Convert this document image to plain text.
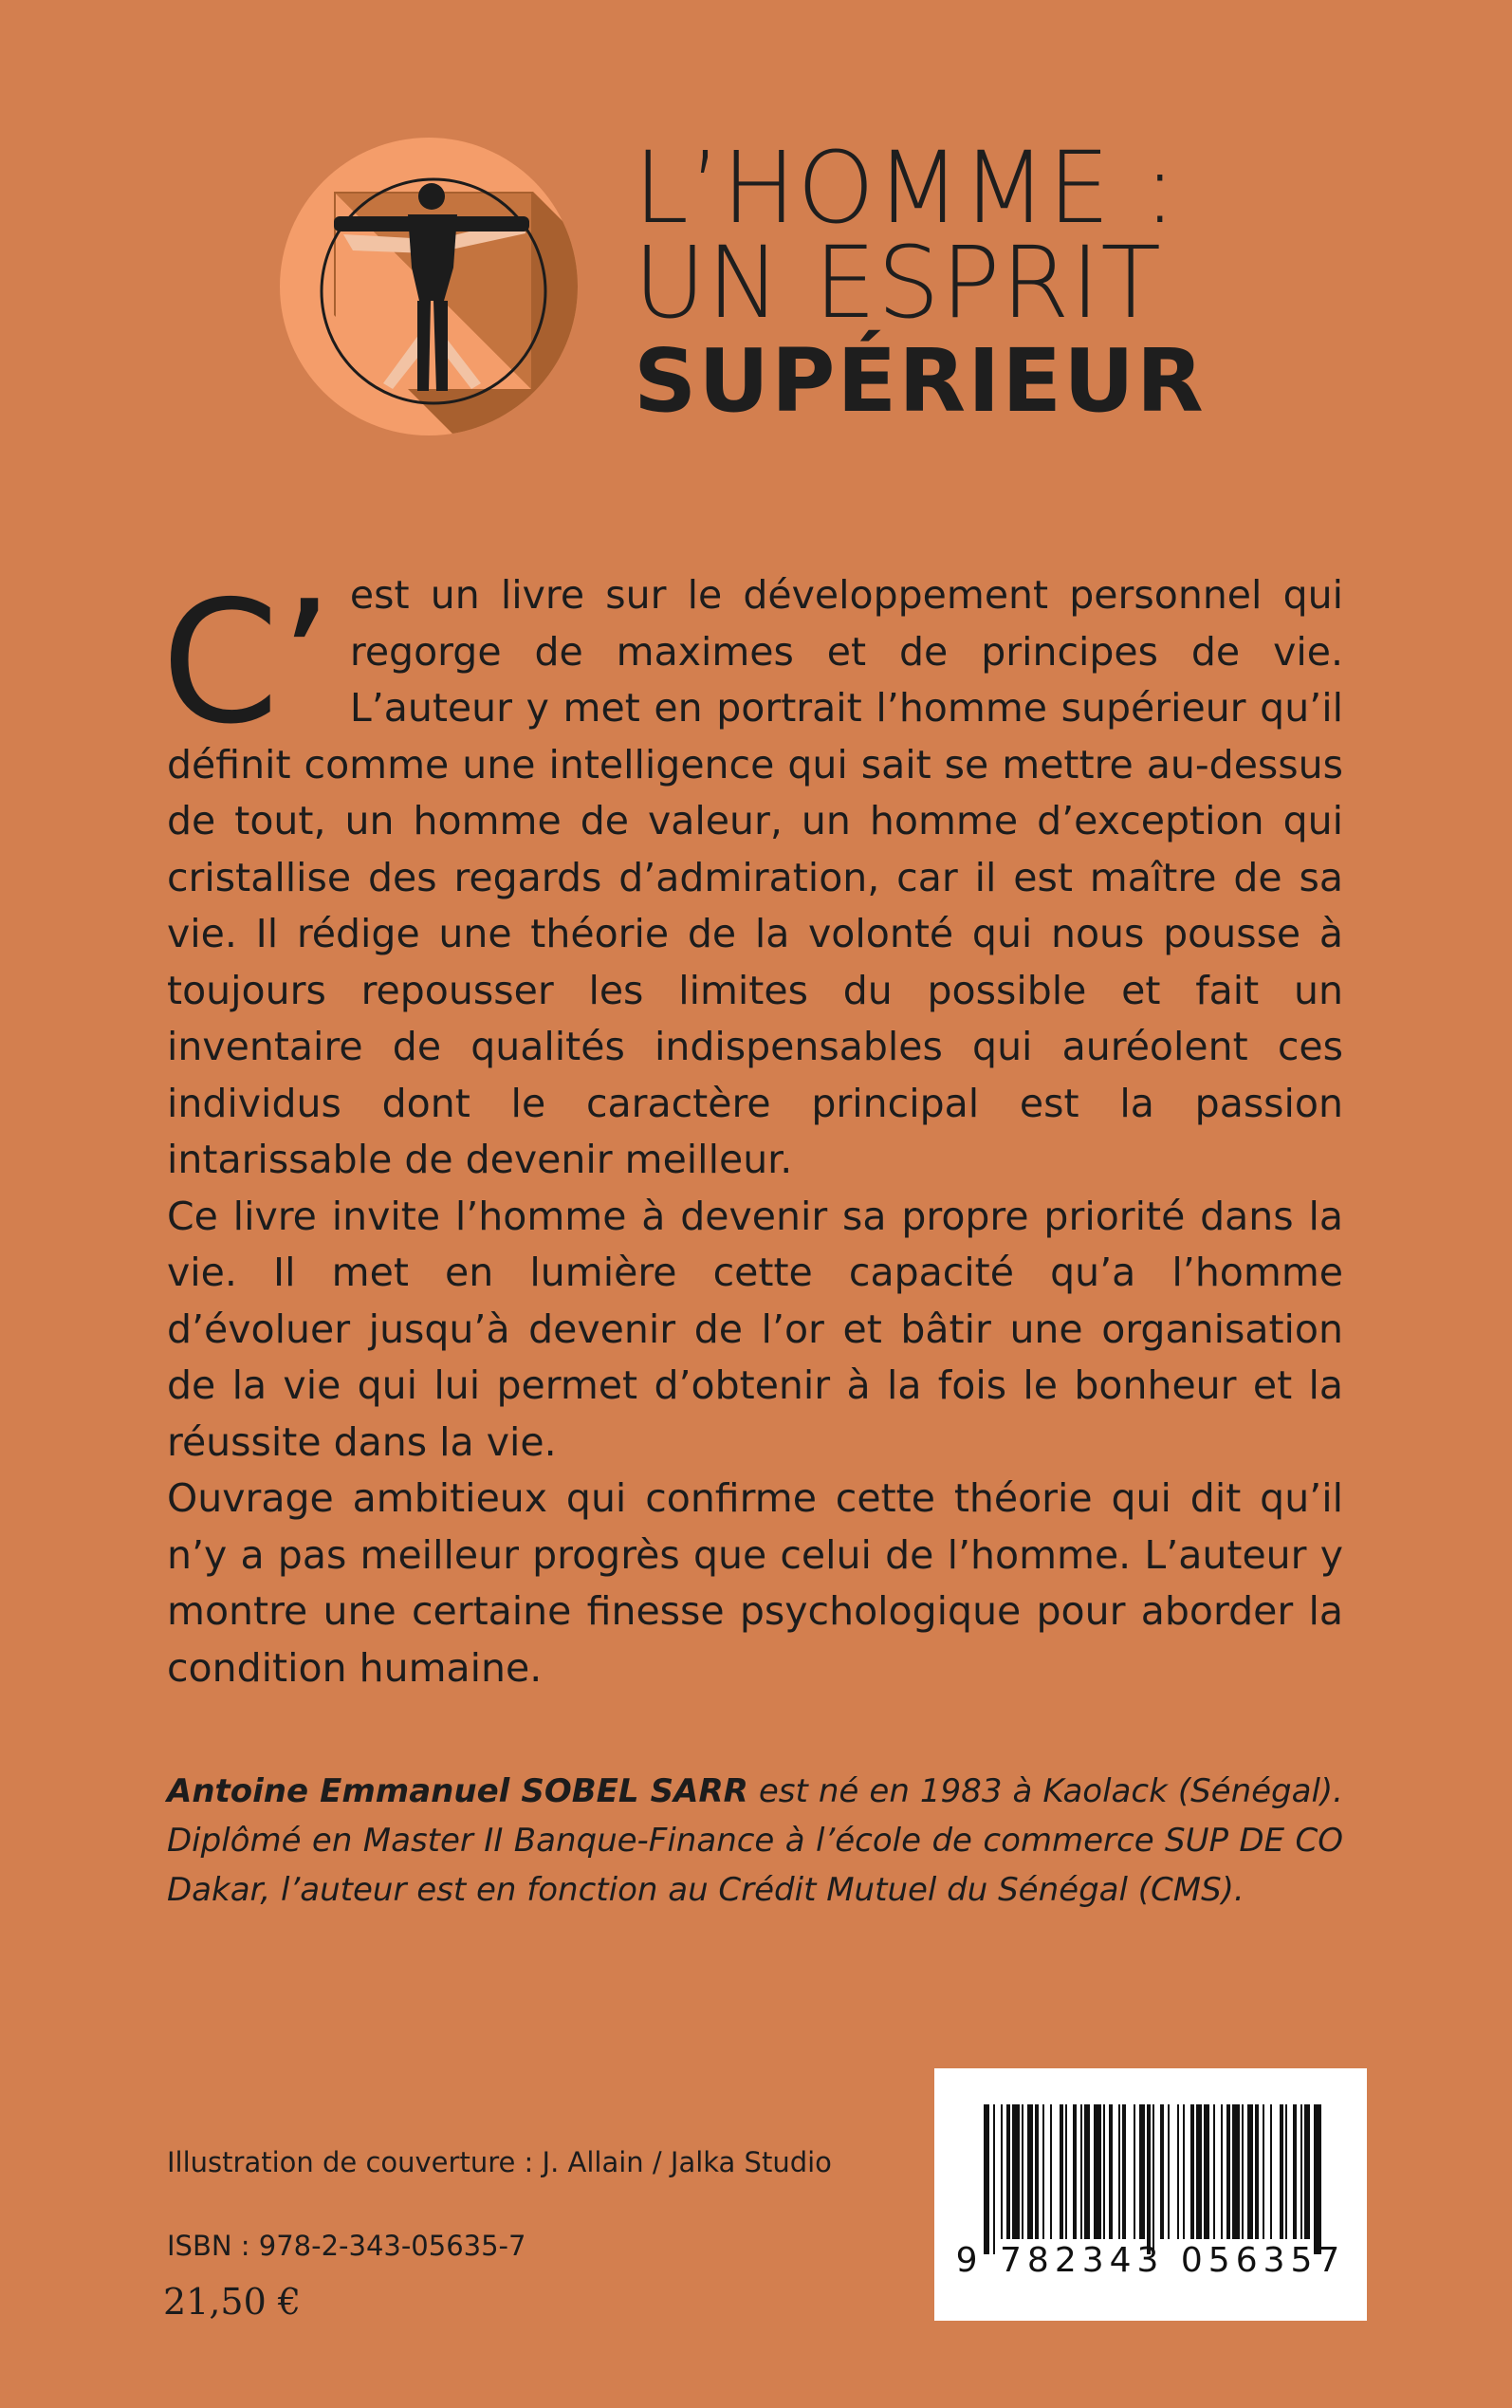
L’HOMME :
UN ESPRIT
SUPÉRIEUR
C’ est un livre sur le développement personnel qui regorge de maximes et de principes de vie. L’auteur y met en portrait l’homme supérieur qu’il définit comme une intelligence qui sait se mettre au-dessus de tout, un homme de valeur, un homme d’exception qui cristallise des regards d’admiration, car il est maître de sa vie. Il rédige une théorie de la volonté qui nous pousse à toujours repousser les limites du possible et fait un inventaire de qualités indispensables qui auréolent ces individus dont le caractère principal est la passion intarissable de devenir meilleur.

Ce livre invite l’homme à devenir sa propre priorité dans la vie. Il met en lumière cette capacité qu’a l’homme d’évoluer jusqu’à devenir de l’or et bâtir une organisation de la vie qui lui permet d’obtenir à la fois le bonheur et la réussite dans la vie.

Ouvrage ambitieux qui confirme cette théorie qui dit qu’il n’y a pas meilleur progrès que celui de l’homme. L’auteur y montre une certaine finesse psychologique pour aborder la condition humaine.

Antoine Emmanuel SOBEL SARR est né en 1983 à Kaolack (Sénégal). Diplômé en Master II Banque-Finance à l’école de commerce SUP DE CO Dakar, l’auteur est en fonction au Crédit Mutuel du Sénégal (CMS).

Illustration de couverture : J. Allain / Jalka Studio
ISBN : 978-2-343-05635-7
21,50 €
9 782343 056357
